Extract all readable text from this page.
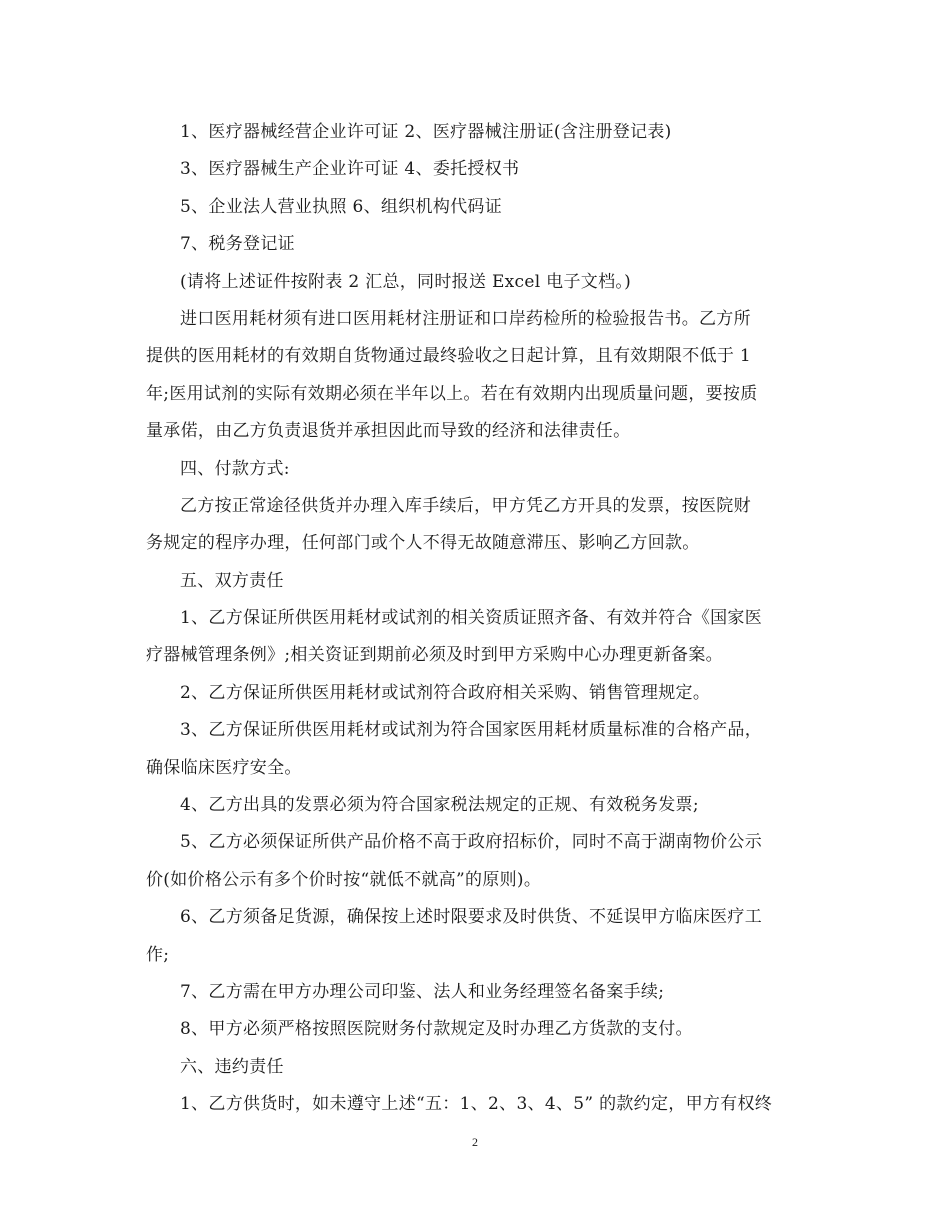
1、医疗器械经营企业许可证 2、医疗器械注册证(含注册登记表)
3、医疗器械生产企业许可证 4、委托授权书
5、企业法人营业执照 6、组织机构代码证
7、税务登记证
(请将上述证件按附表 2 汇总，同时报送 Excel 电子文档。)
进口医用耗材须有进口医用耗材注册证和口岸药检所的检验报告书。乙方所
提供的医用耗材的有效期自货物通过最终验收之日起计算，且有效期限不低于 1
年;医用试剂的实际有效期必须在半年以上。若在有效期内出现质量问题，要按质
量承偌，由乙方负责退货并承担因此而导致的经济和法律责任。
四、付款方式:
乙方按正常途径供货并办理入库手续后，甲方凭乙方开具的发票，按医院财
务规定的程序办理，任何部门或个人不得无故随意滞压、影响乙方回款。
五、双方责任
1、乙方保证所供医用耗材或试剂的相关资质证照齐备、有效并符合《国家医
疗器械管理条例》;相关资证到期前必须及时到甲方采购中心办理更新备案。
2、乙方保证所供医用耗材或试剂符合政府相关采购、销售管理规定。
3、乙方保证所供医用耗材或试剂为符合国家医用耗材质量标准的合格产品，
确保临床医疗安全。
4、乙方出具的发票必须为符合国家税法规定的正规、有效税务发票;
5、乙方必须保证所供产品价格不高于政府招标价，同时不高于湖南物价公示
价(如价格公示有多个价时按“就低不就高”的原则)。
6、乙方须备足货源，确保按上述时限要求及时供货、不延误甲方临床医疗工
作;
7、乙方需在甲方办理公司印鉴、法人和业务经理签名备案手续;
8、甲方必须严格按照医院财务付款规定及时办理乙方货款的支付。
六、违约责任
1、乙方供货时，如未遵守上述“五：1、2、3、4、5” 的款约定，甲方有权终
2
